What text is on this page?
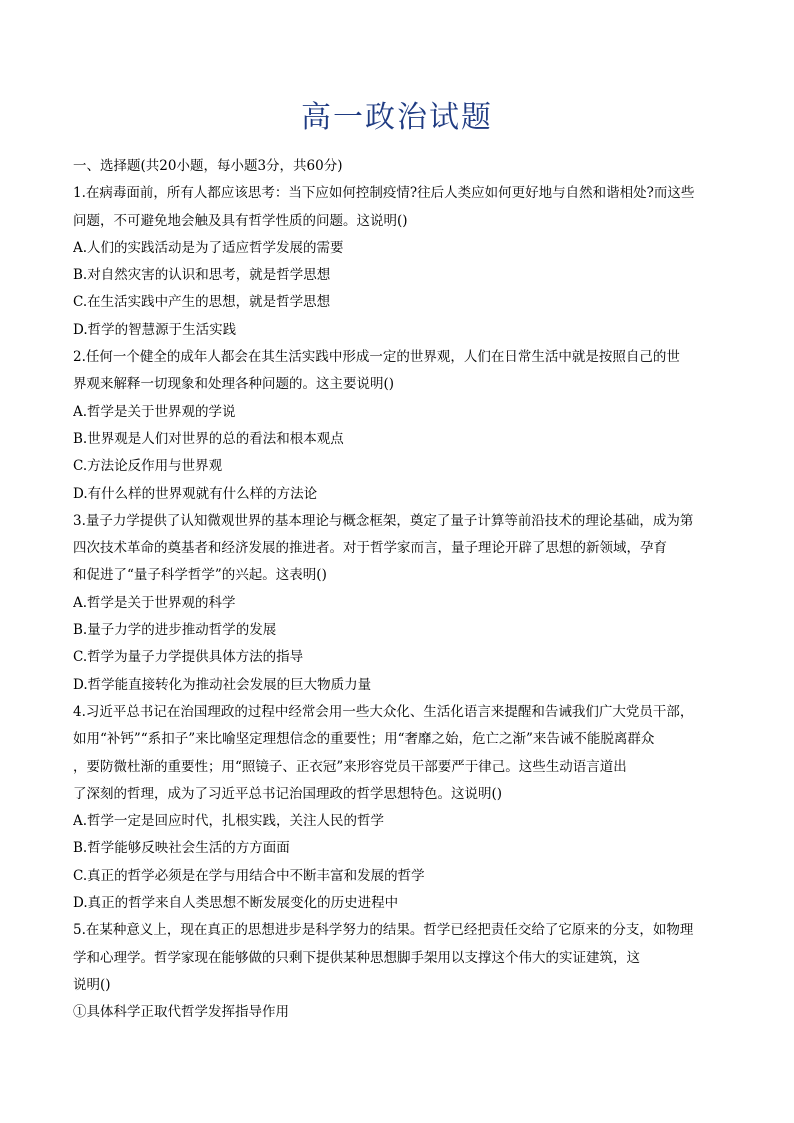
高一政治试题
一、选择题(共20小题，每小题3分，共60分)
1.在病毒面前，所有人都应该思考：当下应如何控制疫情?往后人类应如何更好地与自然和谐相处?而这些
问题，不可避免地会触及具有哲学性质的问题。这说明()
A.人们的实践活动是为了适应哲学发展的需要
B.对自然灾害的认识和思考，就是哲学思想
C.在生活实践中产生的思想，就是哲学思想
D.哲学的智慧源于生活实践
2.任何一个健全的成年人都会在其生活实践中形成一定的世界观，人们在日常生活中就是按照自己的世
界观来解释一切现象和处理各种问题的。这主要说明()
A.哲学是关于世界观的学说
B.世界观是人们对世界的总的看法和根本观点
C.方法论反作用与世界观
D.有什么样的世界观就有什么样的方法论
3.量子力学提供了认知微观世界的基本理论与概念框架，奠定了量子计算等前沿技术的理论基础，成为第
四次技术革命的奠基者和经济发展的推进者。对于哲学家而言，量子理论开辟了思想的新领域，孕育
和促进了“量子科学哲学”的兴起。这表明()
A.哲学是关于世界观的科学
B.量子力学的进步推动哲学的发展
C.哲学为量子力学提供具体方法的指导
D.哲学能直接转化为推动社会发展的巨大物质力量
4.习近平总书记在治国理政的过程中经常会用一些大众化、生活化语言来提醒和告诫我们广大党员干部，
如用“补钙”“系扣子”来比喻坚定理想信念的重要性；用“奢靡之始，危亡之渐”来告诫不能脱离群众
，要防微杜渐的重要性；用“照镜子、正衣冠”来形容党员干部要严于律己。这些生动语言道出
了深刻的哲理，成为了习近平总书记治国理政的哲学思想特色。这说明()
A.哲学一定是回应时代，扎根实践，关注人民的哲学
B.哲学能够反映社会生活的方方面面
C.真正的哲学必须是在学与用结合中不断丰富和发展的哲学
D.真正的哲学来自人类思想不断发展变化的历史进程中
5.在某种意义上，现在真正的思想进步是科学努力的结果。哲学已经把责任交给了它原来的分支，如物理
学和心理学。哲学家现在能够做的只剩下提供某种思想脚手架用以支撑这个伟大的实证建筑，这
说明()
①具体科学正取代哲学发挥指导作用
